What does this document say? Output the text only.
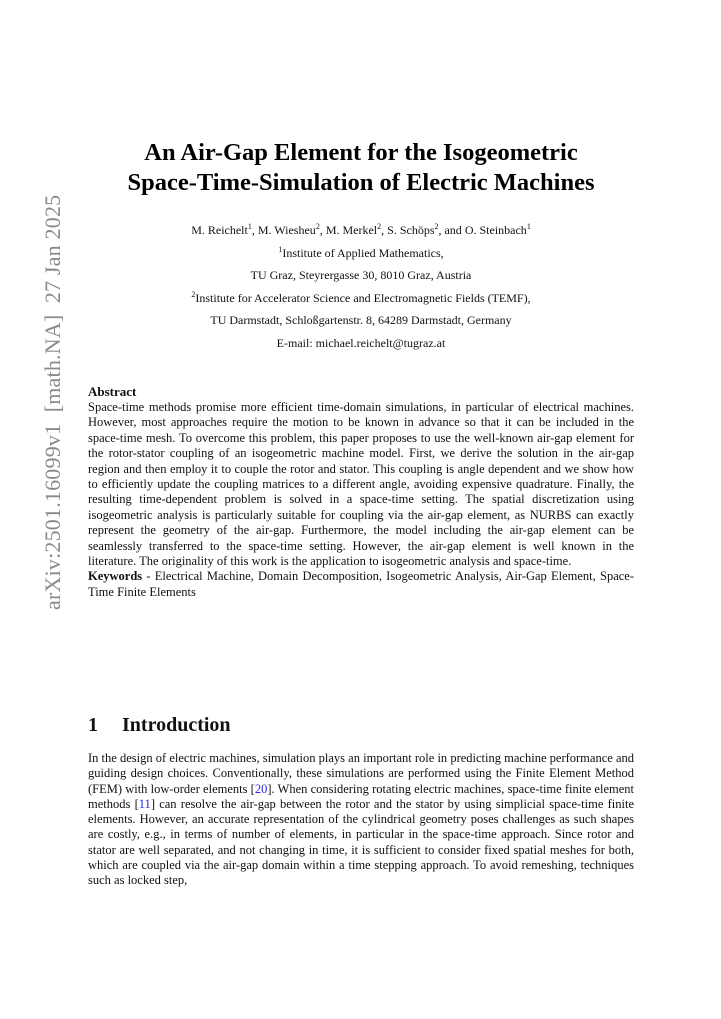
arXiv:2501.16099v1  [math.NA]  27 Jan 2025
An Air-Gap Element for the Isogeometric
Space-Time-Simulation of Electric Machines
M. Reichelt$^1$, M. Wiesheu$^2$, M. Merkel$^2$, S. Schöps$^2$, and O. Steinbach$^1$
$^1$Institute of Applied Mathematics,
TU Graz, Steyrergasse 30, 8010 Graz, Austria
$^2$Institute for Accelerator Science and Electromagnetic Fields (TEMF),
TU Darmstadt, Schloßgartenstr. 8, 64289 Darmstadt, Germany
E-mail: michael.reichelt@tugraz.at
Abstract

Space-time methods promise more efficient time-domain simulations, in particular of electrical machines. However, most approaches require the motion to be known in advance so that it can be included in the space-time mesh. To overcome this problem, this paper proposes to use the well-known air-gap element for the rotor-stator coupling of an isogeometric machine model. First, we derive the solution in the air-gap region and then employ it to couple the rotor and stator. This coupling is angle dependent and we show how to efficiently update the coupling matrices to a different angle, avoiding expensive quadrature. Finally, the resulting time-dependent problem is solved in a space-time setting. The spatial discretization using isogeometric analysis is particularly suitable for coupling via the air-gap element, as NURBS can exactly represent the geometry of the air-gap. Furthermore, the model including the air-gap element can be seamlessly transferred to the space-time setting. However, the air-gap element is well known in the literature. The originality of this work is the application to isogeometric analysis and space-time.

Keywords - Electrical Machine, Domain Decomposition, Isogeometric Analysis, Air-Gap Element, Space-Time Finite Elements

1 Introduction

In the design of electric machines, simulation plays an important role in predicting machine performance and guiding design choices. Conventionally, these simulations are performed using the Finite Element Method (FEM) with low-order elements [20]. When considering rotating electric machines, space-time finite element methods [11] can resolve the air-gap between the rotor and the stator by using simplicial space-time finite elements. However, an accurate representation of the cylindrical geometry poses challenges as such shapes are costly, e.g., in terms of number of elements, in particular in the space-time approach. Since rotor and stator are well separated, and not changing in time, it is sufficient to consider fixed spatial meshes for both, which are coupled via the air-gap domain within a time stepping approach. To avoid remeshing, techniques such as locked step,
